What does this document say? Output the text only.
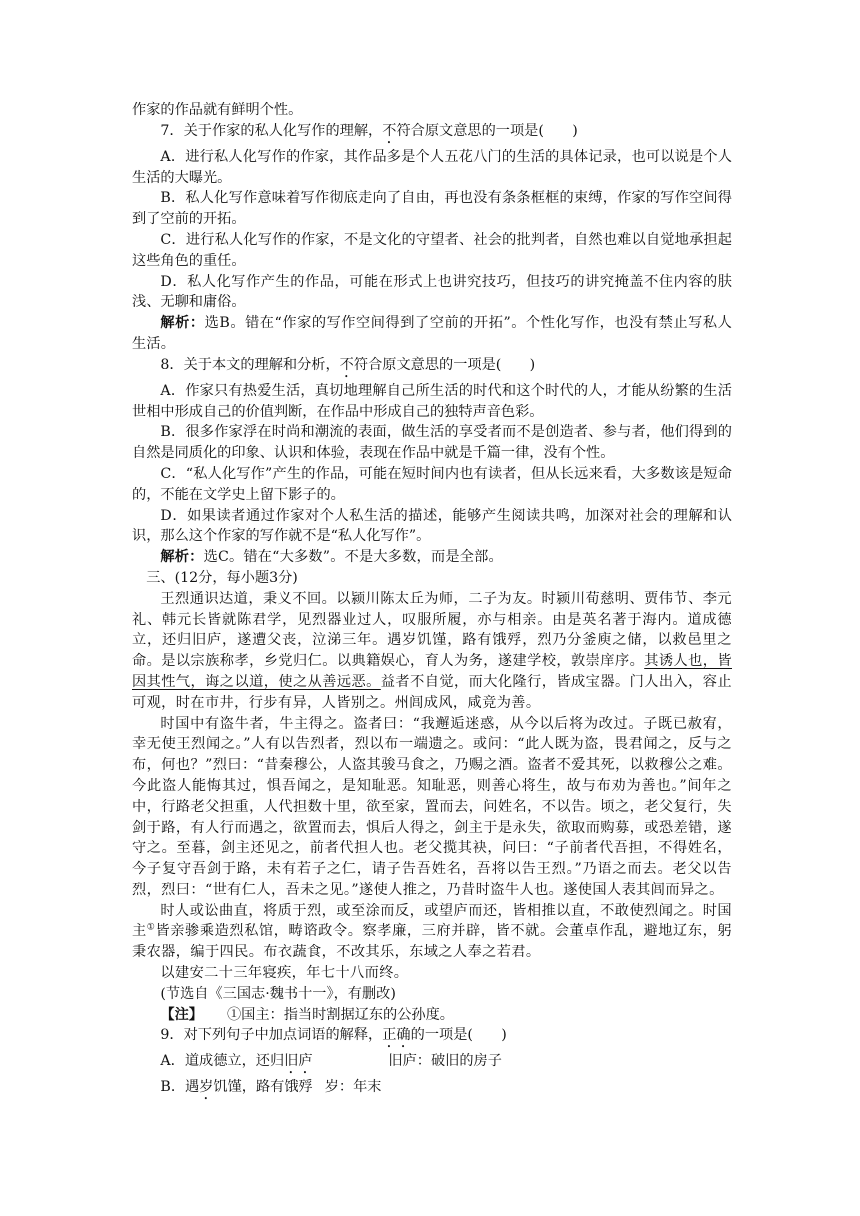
作家的作品就有鲜明个性。

7．关于作家的私人化写作的理解，不符合原文意思的一项是(　　)

A．进行私人化写作的作家，其作品多是个人五花八门的生活的具体记录，也可以说是个人生活的大曝光。

B．私人化写作意味着写作彻底走向了自由，再也没有条条框框的束缚，作家的写作空间得到了空前的开拓。

C．进行私人化写作的作家，不是文化的守望者、社会的批判者，自然也难以自觉地承担起这些角色的重任。

D．私人化写作产生的作品，可能在形式上也讲究技巧，但技巧的讲究掩盖不住内容的肤浅、无聊和庸俗。

解析：选B。错在“作家的写作空间得到了空前的开拓”。个性化写作，也没有禁止写私人生活。

8．关于本文的理解和分析，不符合原文意思的一项是(　　)

A．作家只有热爱生活，真切地理解自己所生活的时代和这个时代的人，才能从纷繁的生活世相中形成自己的价值判断，在作品中形成自己的独特声音色彩。

B．很多作家浮在时尚和潮流的表面，做生活的享受者而不是创造者、参与者，他们得到的自然是同质化的印象、认识和体验，表现在作品中就是千篇一律，没有个性。

C．“私人化写作”产生的作品，可能在短时间内也有读者，但从长远来看，大多数该是短命的，不能在文学史上留下影子的。

D．如果读者通过作家对个人私生活的描述，能够产生阅读共鸣，加深对社会的理解和认识，那么这个作家的写作就不是“私人化写作”。

解析：选C。错在“大多数”。不是大多数，而是全部。

三、(12分，每小题3分)

王烈通识达道，秉义不回。以颍川陈太丘为师，二子为友。时颍川荀慈明、贾伟节、李元礼、韩元长皆就陈君学，见烈器业过人，叹服所履，亦与相亲。由是英名著于海内。道成德立，还归旧庐，遂遭父丧，泣涕三年。遇岁饥馑，路有饿殍，烈乃分釜庾之储，以救邑里之命。是以宗族称孝，乡党归仁。以典籍娱心，育人为务，遂建学校，敦崇庠序。其诱人也，皆因其性气，诲之以道，使之从善远恶。益者不自觉，而大化隆行，皆成宝器。门人出入，容止可观，时在市井，行步有异，人皆别之。州闾成风，咸竞为善。

时国中有盗牛者，牛主得之。盗者曰：“我邂逅迷惑，从今以后将为改过。子既已赦宥，幸无使王烈闻之。”人有以告烈者，烈以布一端遗之。或问：“此人既为盗，畏君闻之，反与之布，何也？”烈曰：“昔秦穆公，人盗其骏马食之，乃赐之酒。盗者不爱其死，以救穆公之难。今此盗人能悔其过，惧吾闻之，是知耻恶。知耻恶，则善心将生，故与布劝为善也。”间年之中，行路老父担重，人代担数十里，欲至家，置而去，问姓名，不以告。顷之，老父复行，失剑于路，有人行而遇之，欲置而去，惧后人得之，剑主于是永失，欲取而购募，或恐差错，遂守之。至暮，剑主还见之，前者代担人也。老父揽其袂，问曰：“子前者代吾担，不得姓名，今子复守吾剑于路，未有若子之仁，请子告吾姓名，吾将以告王烈。”乃语之而去。老父以告烈，烈曰：“世有仁人，吾未之见。”遂使人推之，乃昔时盗牛人也。遂使国人表其闾而异之。

时人或讼曲直，将质于烈，或至涂而反，或望庐而还，皆相推以直，不敢使烈闻之。时国主①皆亲骖乘造烈私馆，畴谘政令。察孝廉，三府并辟，皆不就。会董卓作乱，避地辽东，躬秉农器，编于四民。布衣蔬食，不改其乐，东域之人奉之若君。

以建安二十三年寝疾，年七十八而终。

(节选自《三国志·魏书十一》，有删改)

【注】 ①国主：指当时割据辽东的公孙度。

9．对下列句子中加点词语的解释，正确的一项是(　　)

A．道成德立，还归旧庐	旧庐：破旧的房子
B．遇岁饥馑，路有饿殍 岁：年末
